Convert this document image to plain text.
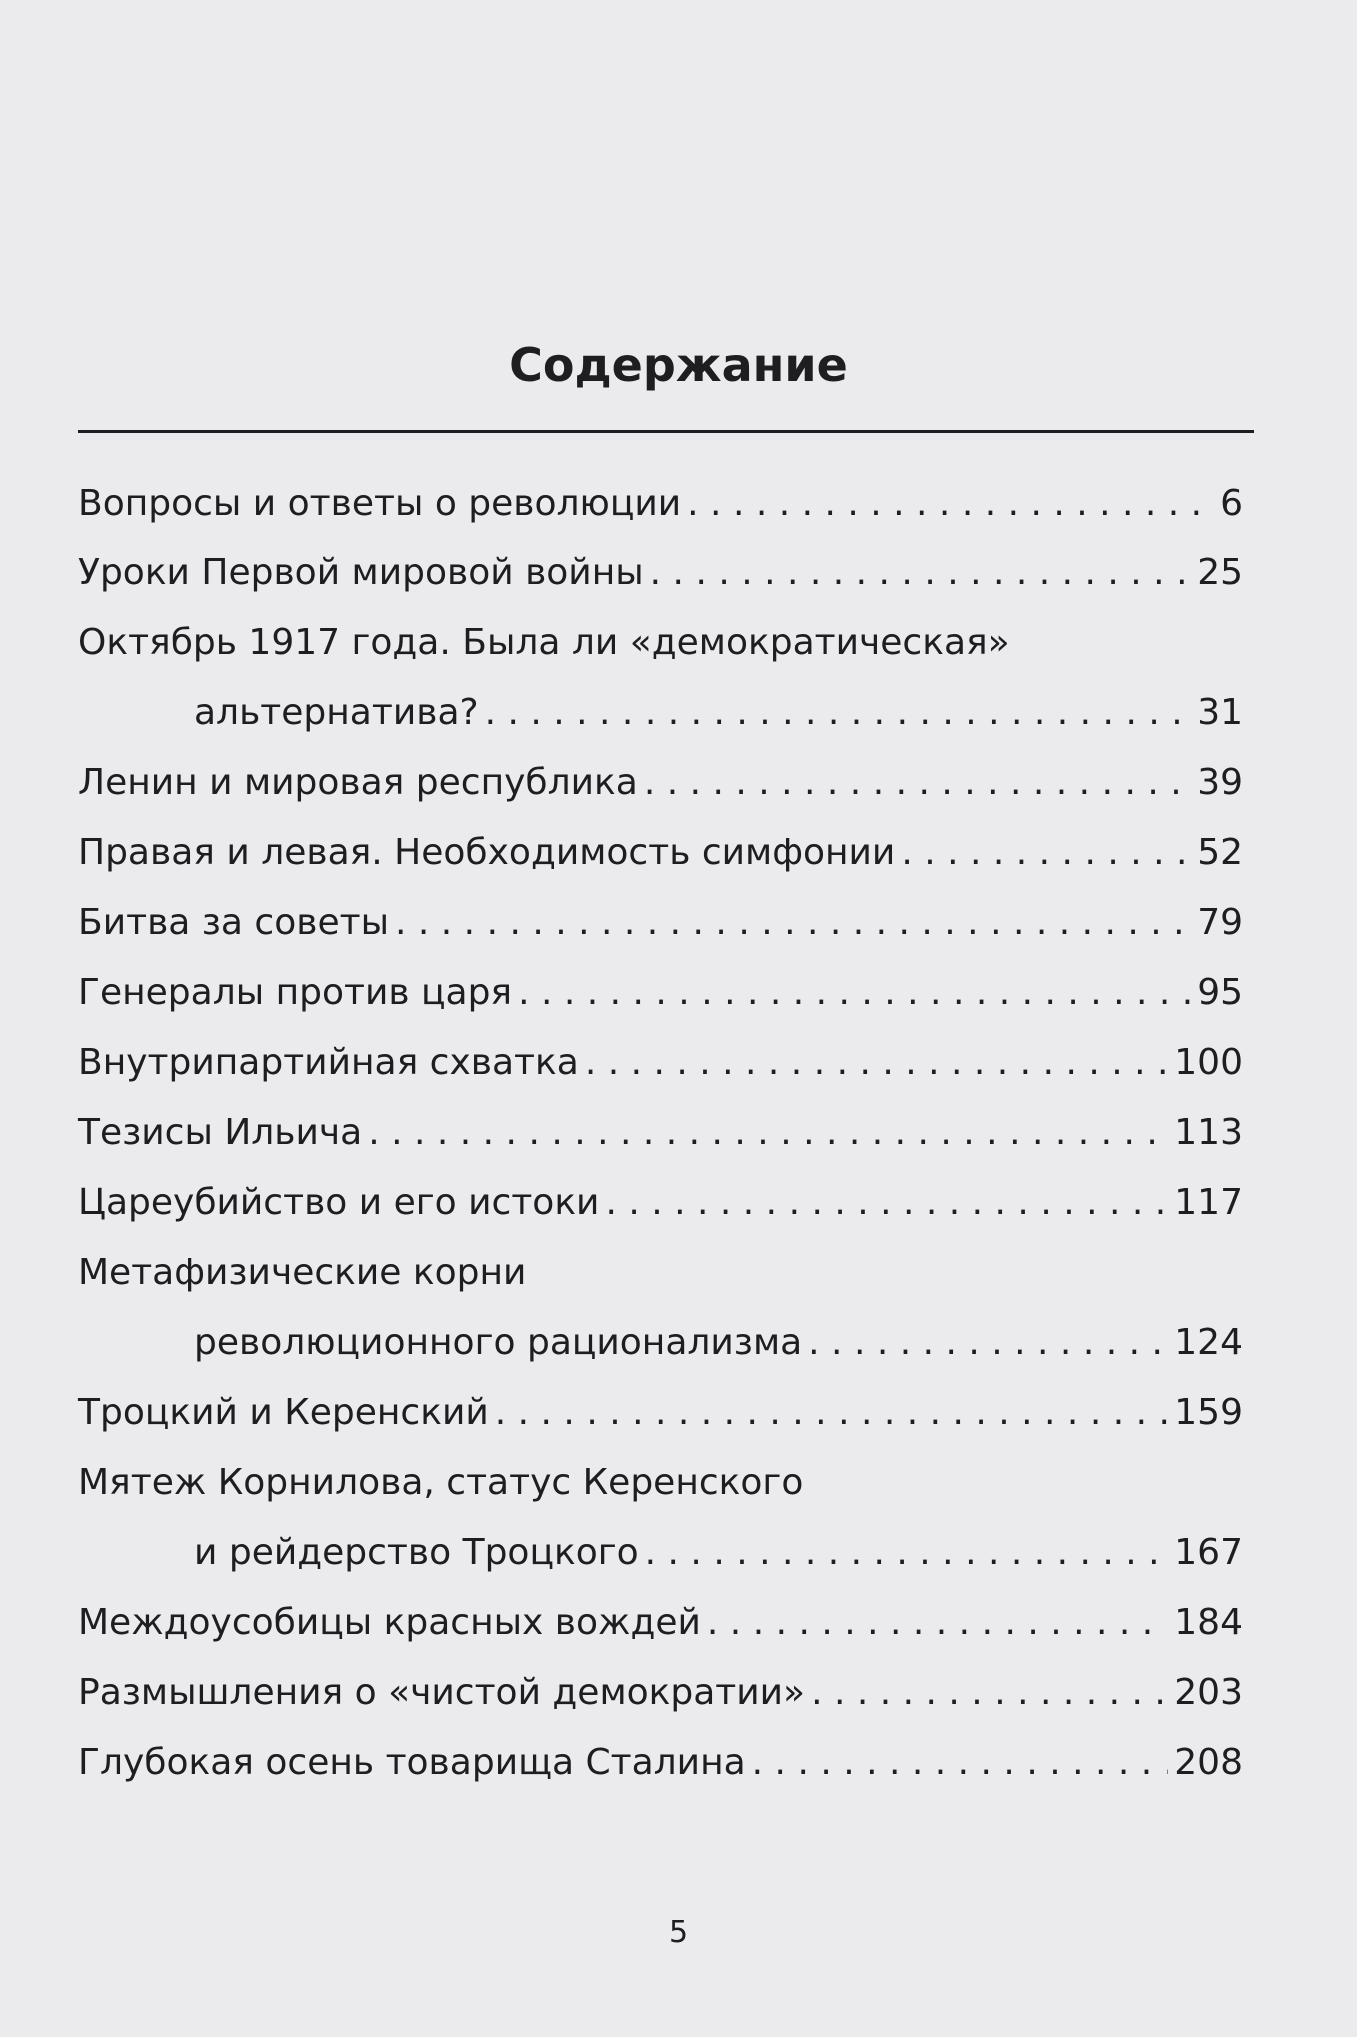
Содержание
Вопросы и ответы о революции . . .	6
Уроки Первой мировой войны . . .	25
Октябрь 1917 года. Была ли «демократическая»
альтернатива? . . .	31
Ленин и мировая республика . . .	39
Правая и левая. Необходимость симфонии . . .	52
Битва за советы . . .	79
Генералы против царя . . .	95
Внутрипартийная схватка . . .	100
Тезисы Ильича . . .	113
Цареубийство и его истоки . . .	117
Метафизические корни
революционного рационализма . . .	124
Троцкий и Керенский . . .	159
Мятеж Корнилова, статус Керенского
и рейдерство Троцкого . . .	167
Междоусобицы красных вождей . . .	184
Размышления о «чистой демократии» . . .	203
Глубокая осень товарища Сталина . . .	208
5
